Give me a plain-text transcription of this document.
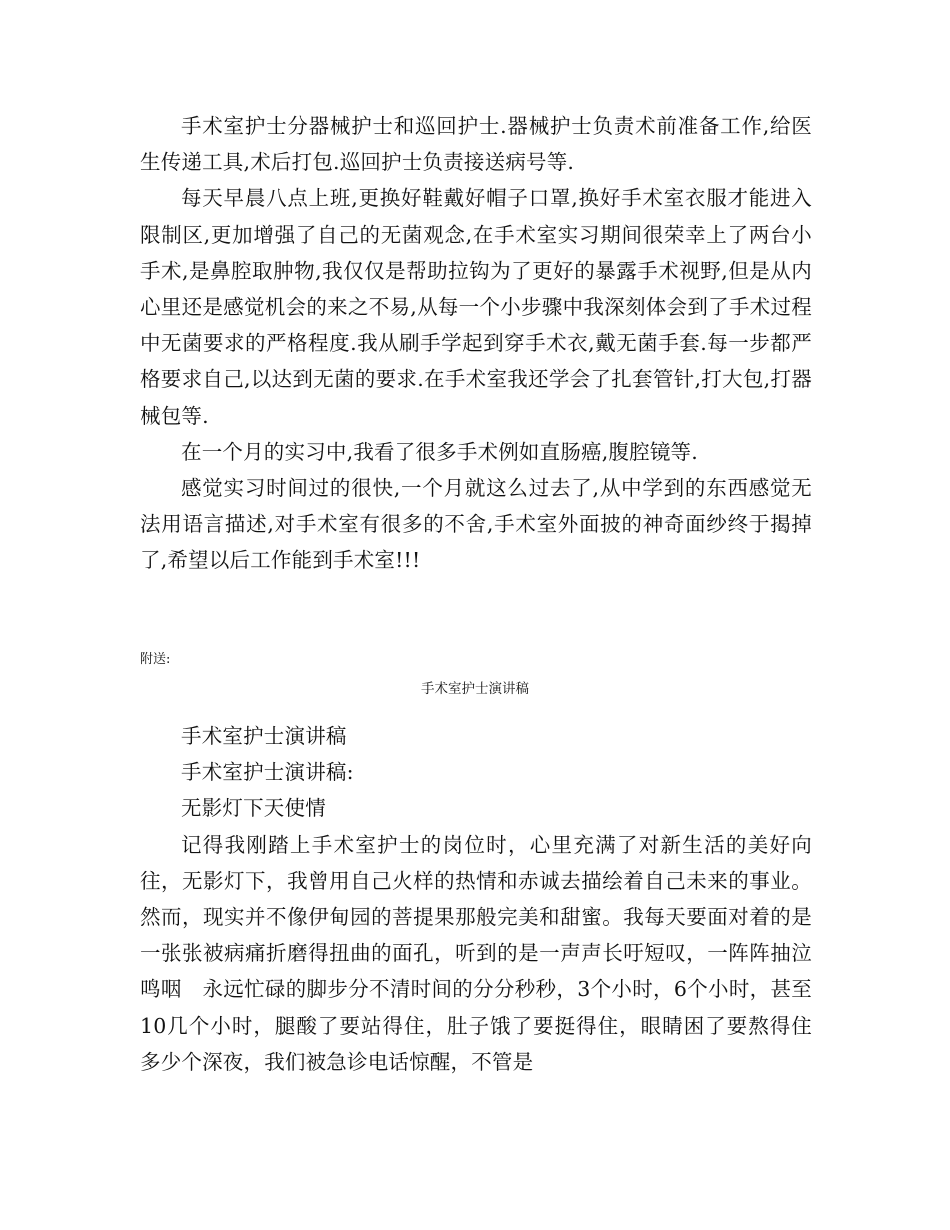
手术室护士分器械护士和巡回护士.器械护士负责术前准备工作,给医生传递工具,术后打包.巡回护士负责接送病号等.

每天早晨八点上班,更换好鞋戴好帽子口罩,换好手术室衣服才能进入限制区,更加增强了自己的无菌观念,在手术室实习期间很荣幸上了两台小手术,是鼻腔取肿物,我仅仅是帮助拉钩为了更好的暴露手术视野,但是从内心里还是感觉机会的来之不易,从每一个小步骤中我深刻体会到了手术过程中无菌要求的严格程度.我从刷手学起到穿手术衣,戴无菌手套.每一步都严格要求自己,以达到无菌的要求.在手术室我还学会了扎套管针,打大包,打器械包等.

在一个月的实习中,我看了很多手术例如直肠癌,腹腔镜等.

感觉实习时间过的很快,一个月就这么过去了,从中学到的东西感觉无法用语言描述,对手术室有很多的不舍,手术室外面披的神奇面纱终于揭掉了,希望以后工作能到手术室!!!

附送:
手术室护士演讲稿

手术室护士演讲稿

手术室护士演讲稿:

无影灯下天使情

记得我刚踏上手术室护士的岗位时，心里充满了对新生活的美好向往，无影灯下，我曾用自己火样的热情和赤诚去描绘着自己未来的事业。然而，现实并不像伊甸园的菩提果那般完美和甜蜜。我每天要面对着的是一张张被病痛折磨得扭曲的面孔，听到的是一声声长吁短叹，一阵阵抽泣鸣咽　永远忙碌的脚步分不清时间的分分秒秒，3个小时，6个小时，甚至10几个小时，腿酸了要站得住，肚子饿了要挺得住，眼睛困了要熬得住　多少个深夜，我们被急诊电话惊醒，不管是
